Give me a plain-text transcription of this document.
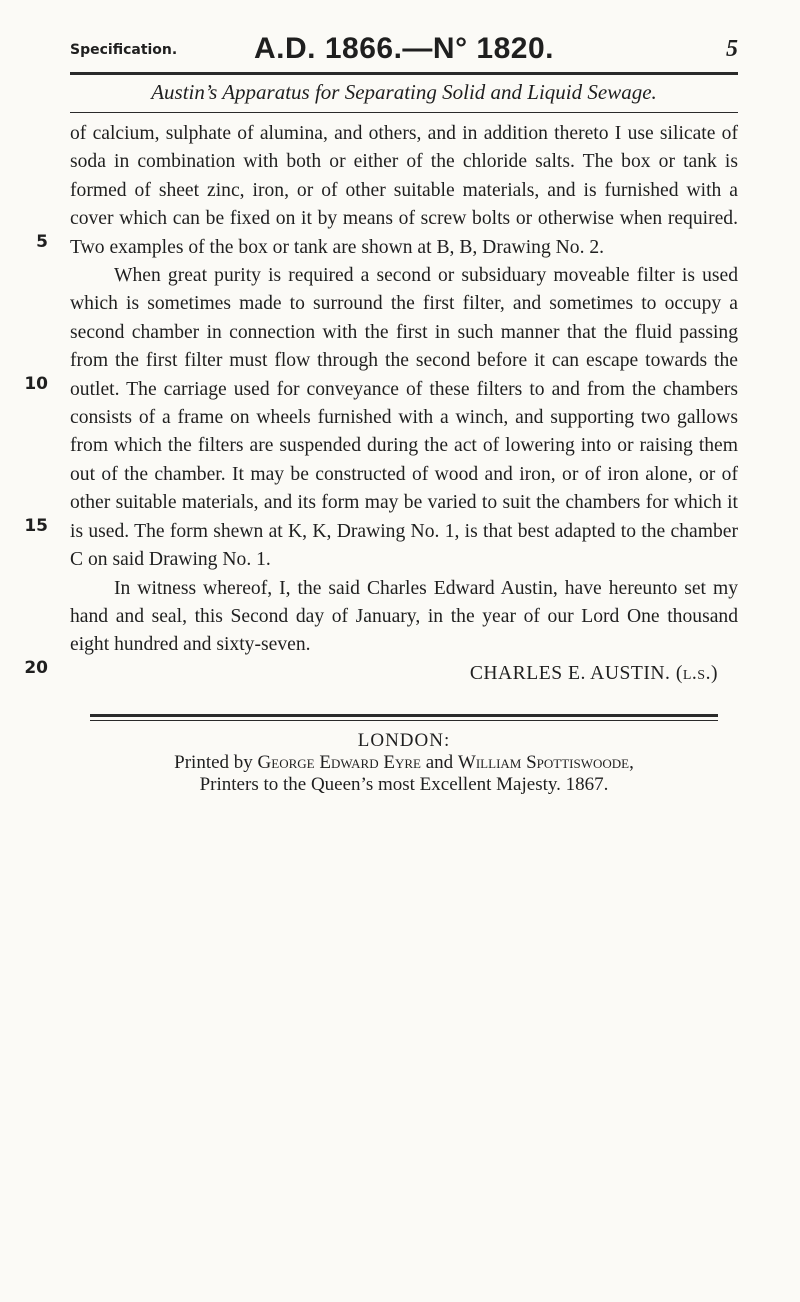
Specification.	A.D. 1866.—N° 1820.	5
Austin’s Apparatus for Separating Solid and Liquid Sewage.
5
10
15
20

of calcium, sulphate of alumina, and others, and in addition thereto I use silicate of soda in combination with both or either of the chloride salts. The box or tank is formed of sheet zinc, iron, or of other suitable materials, and is furnished with a cover which can be fixed on it by means of screw bolts or otherwise when required. Two examples of the box or tank are shown at B, B, Drawing No. 2.

When great purity is required a second or subsiduary moveable filter is used which is sometimes made to surround the first filter, and sometimes to occupy a second chamber in connection with the first in such manner that the fluid passing from the first filter must flow through the second before it can escape towards the outlet. The carriage used for conveyance of these filters to and from the chambers consists of a frame on wheels furnished with a winch, and supporting two gallows from which the filters are suspended during the act of lowering into or raising them out of the chamber. It may be constructed of wood and iron, or of iron alone, or of other suitable materials, and its form may be varied to suit the chambers for which it is used. The form shewn at K, K, Drawing No. 1, is that best adapted to the chamber C on said Drawing No. 1.

In witness whereof, I, the said Charles Edward Austin, have hereunto set my hand and seal, this Second day of January, in the year of our Lord One thousand eight hundred and sixty-seven.

CHARLES E. AUSTIN. (l.s.)

LONDON:
Printed by George Edward Eyre and William Spottiswoode,
Printers to the Queen’s most Excellent Majesty. 1867.
